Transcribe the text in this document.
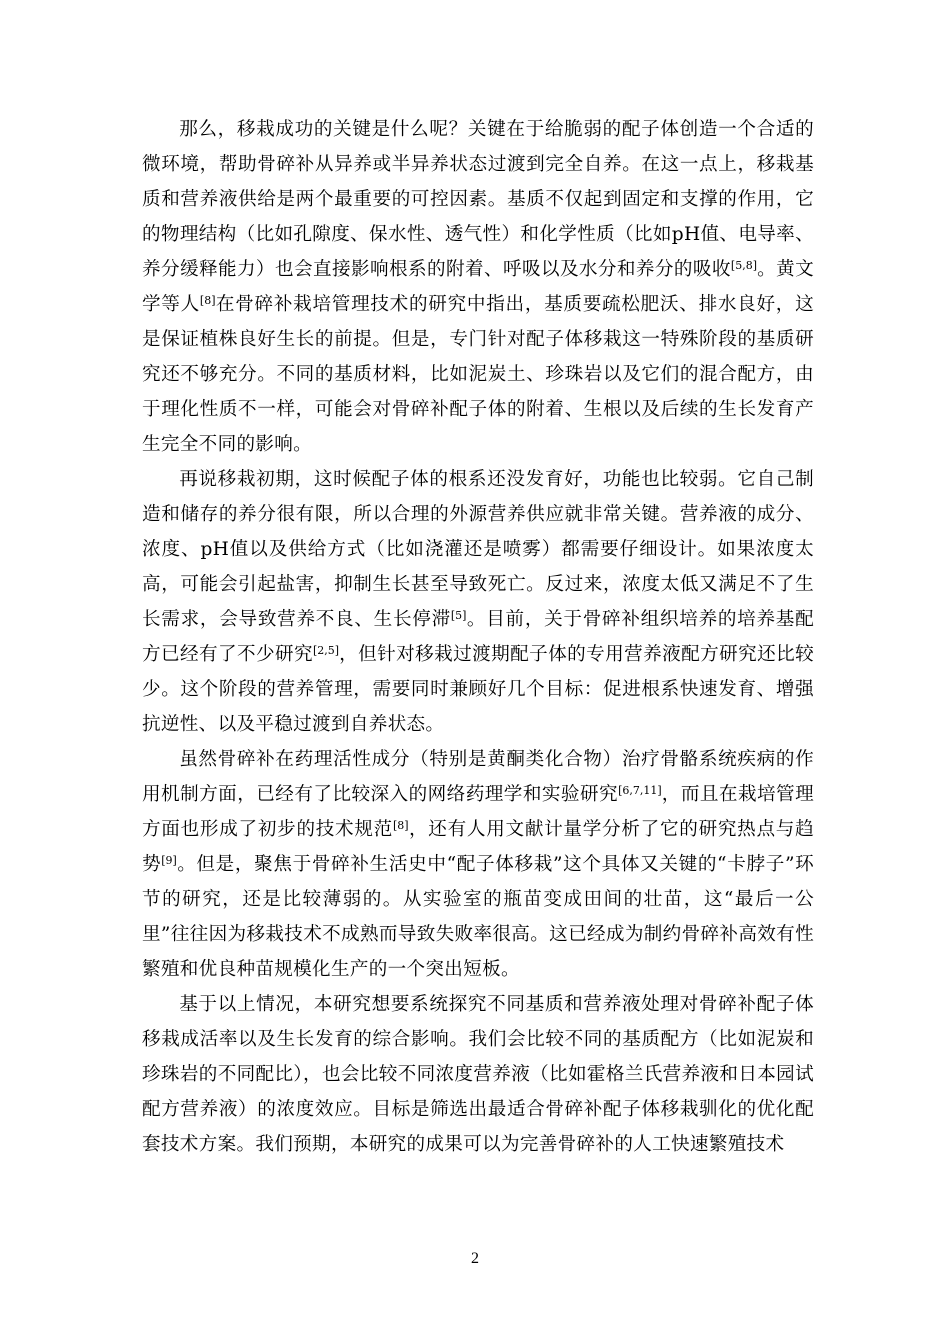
那么，移栽成功的关键是什么呢？关键在于给脆弱的配子体创造一个合适的微环境，帮助骨碎补从异养或半异养状态过渡到完全自养。在这一点上，移栽基质和营养液供给是两个最重要的可控因素。基质不仅起到固定和支撑的作用，它的物理结构（比如孔隙度、保水性、透气性）和化学性质（比如pH值、电导率、养分缓释能力）也会直接影响根系的附着、呼吸以及水分和养分的吸收[5,8]。黄文学等人[8]在骨碎补栽培管理技术的研究中指出，基质要疏松肥沃、排水良好，这是保证植株良好生长的前提。但是，专门针对配子体移栽这一特殊阶段的基质研究还不够充分。不同的基质材料，比如泥炭土、珍珠岩以及它们的混合配方，由于理化性质不一样，可能会对骨碎补配子体的附着、生根以及后续的生长发育产生完全不同的影响。

再说移栽初期，这时候配子体的根系还没发育好，功能也比较弱。它自己制造和储存的养分很有限，所以合理的外源营养供应就非常关键。营养液的成分、浓度、pH值以及供给方式（比如浇灌还是喷雾）都需要仔细设计。如果浓度太高，可能会引起盐害，抑制生长甚至导致死亡。反过来，浓度太低又满足不了生长需求，会导致营养不良、生长停滞[5]。目前，关于骨碎补组织培养的培养基配方已经有了不少研究[2,5]，但针对移栽过渡期配子体的专用营养液配方研究还比较少。这个阶段的营养管理，需要同时兼顾好几个目标：促进根系快速发育、增强抗逆性、以及平稳过渡到自养状态。

虽然骨碎补在药理活性成分（特别是黄酮类化合物）治疗骨骼系统疾病的作用机制方面，已经有了比较深入的网络药理学和实验研究[6,7,11]，而且在栽培管理方面也形成了初步的技术规范[8]，还有人用文献计量学分析了它的研究热点与趋势[9]。但是，聚焦于骨碎补生活史中“配子体移栽”这个具体又关键的“卡脖子”环节的研究，还是比较薄弱的。从实验室的瓶苗变成田间的壮苗，这“最后一公里”往往因为移栽技术不成熟而导致失败率很高。这已经成为制约骨碎补高效有性繁殖和优良种苗规模化生产的一个突出短板。

基于以上情况，本研究想要系统探究不同基质和营养液处理对骨碎补配子体移栽成活率以及生长发育的综合影响。我们会比较不同的基质配方（比如泥炭和珍珠岩的不同配比），也会比较不同浓度营养液（比如霍格兰氏营养液和日本园试配方营养液）的浓度效应。目标是筛选出最适合骨碎补配子体移栽驯化的优化配套技术方案。我们预期，本研究的成果可以为完善骨碎补的人工快速繁殖技术

2
